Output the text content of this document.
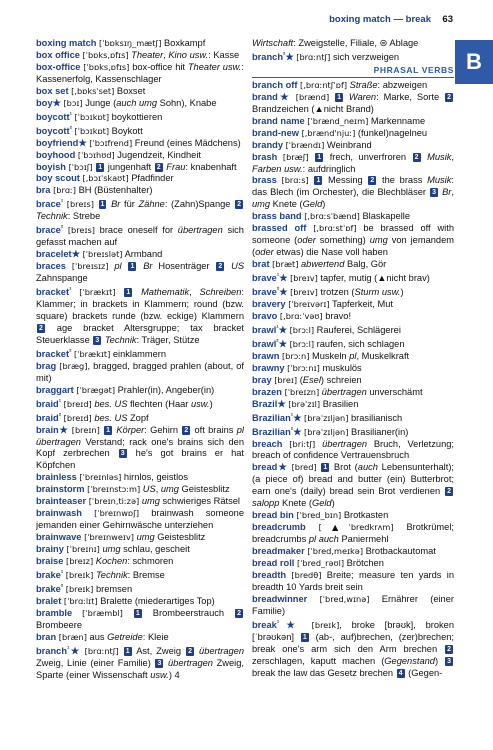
boxing match — break 63
B

boxing match [ˈbɒksɪŋ_mætʃ] Boxkampf

box office [ˈbɒks,ɒfɪs] Theater, Kino usw.: Kasse

box-office [ˈbɒks,ɒfɪs] box-office hit Theater usw.: Kassenerfolg, Kassenschlager

box set [,bɒksˈset] Boxset

boy★ [bɔɪ] Junge (auch umg Sohn), Knabe

boycott$^{^1}$ [ˈbɔɪkɒt] boykottieren

boycott$^{^2}$ [ˈbɔɪkɒt] Boykott

boyfriend★ [ˈbɔɪfrend] Freund (eines Mädchens)

boyhood [ˈbɔɪhʊd] Jugendzeit, Kindheit

boyish [ˈbɔɪʃ] 1 jungenhaft 2 Frau: knabenhaft

boy scout [,bɔɪˈskaʊt] Pfadfinder

bra [brɑː] BH (Büstenhalter)

brace$^{^1}$ [breɪs] 1 Br für Zähne: (Zahn)Spange 2 Technik: Strebe

brace$^{^2}$ [breɪs] brace oneself for übertragen sich gefasst machen auf

bracelet★ [ˈbreɪslət] Armband

braces [ˈbreɪsɪz] pl 1 Br Hosenträger 2 US Zahnspange

bracket$^{^1}$ [ˈbrækɪt] 1 Mathematik, Schreiben: Klammer; in brackets in Klammern; round (bzw. square) brackets runde (bzw. eckige) Klammern 2 age bracket Altersgruppe; tax bracket Steuerklasse 3 Technik: Träger, Stütze

bracket$^{^2}$ [ˈbrækɪt] einklammern

brag [bræg], bragged, bragged prahlen (about, of mit)

braggart [ˈbrægət] Prahler(in), Angeber(in)

braid$^{^1}$ [breɪd] bes. US flechten (Haar usw.)

braid$^{^2}$ [breɪd] bes. US Zopf

brain★ [breɪn] 1 Körper: Gehirn 2 oft brains pl übertragen Verstand; rack one's brains sich den Kopf zerbrechen 3 he's got brains er hat Köpfchen

brainless [ˈbreɪnləs] hirnlos, geistlos

brainstorm [ˈbreɪnstɔːm] US, umg Geistesblitz

brainteaser [ˈbreɪn,tiːzə] umg schwieriges Rätsel

brainwash [ˈbreɪnwɒʃ] brainwash someone jemanden einer Gehirnwäsche unterziehen

brainwave [ˈbreɪnweɪv] umg Geistesblitz

brainy [ˈbreɪnɪ] umg schlau, gescheit

braise [breɪz] Kochen: schmoren

brake$^{^1}$ [breɪk] Technik: Bremse

brake$^{^2}$ [breɪk] bremsen

bralet [ˈbrɑːlɪt] Bralette (miederartiges Top)

bramble [ˈbræmbl] 1 Brombeerstrauch 2 Brombeere

bran [bræn] aus Getreide: Kleie

branch$^{^1}$★ [brɑːntʃ] 1 Ast, Zweig 2 übertragen Zweig, Linie (einer Familie) 3 übertragen Zweig, Sparte (einer Wissenschaft usw.) 4

Wirtschaft: Zweigstelle, Filiale, ⊜ Ablage

branch$^{^2}$★ [brɑːntʃ] sich verzweigen

PHRASAL VERBS

branch off [,brɑːntʃˈɒf] Straße: abzweigen

brand★ [brænd] 1 Waren: Marke, Sorte 2 Brandzeichen (▲nicht Brand)

brand name [ˈbrænd_neɪm] Markenname

brand-new [,brænd'njuː] (funkel)nagelneu

brandy [ˈbrændɪ] Weinbrand

brash [bræʃ] 1 frech, unverfroren 2 Musik, Farben usw.: aufdringlich

brass [brɑːs] 1 Messing 2 the brass Musik: das Blech (im Orchester), die Blechbläser 3 Br, umg Knete (Geld)

brass band [,brɑːsˈbænd] Blaskapelle

brassed off [,brɑːstˈɒf] be brassed off with someone (oder something) umg von jemandem (oder etwas) die Nase voll haben

brat [bræt] abwertend Balg, Gör

brave$^{^1}$★ [breɪv] tapfer, mutig (▲nicht brav)

brave$^{^2}$★ [breɪv] trotzen (Sturm usw.)

bravery [ˈbreɪvərɪ] Tapferkeit, Mut

bravo [,brɑːˈvəʊ] bravo!

brawl$^{^1}$★ [brɔːl] Rauferei, Schlägerei

brawl$^{^2}$★ [brɔːl] raufen, sich schlagen

brawn [brɔːn] Muskeln pl, Muskelkraft

brawny [ˈbrɔːnɪ] muskulös

bray [breɪ] (Esel) schreien

brazen [ˈbreɪzn] übertragen unverschämt

Brazil★ [brəˈzɪl] Brasilien

Brazilian$^{^1}$★ [brəˈzɪljən] brasilianisch

Brazilian$^{^2}$★ [brəˈzɪljən] Brasilianer(in)

breach [briːtʃ] übertragen Bruch, Verletzung; breach of confidence Vertrauensbruch

bread★ [bred] 1 Brot (auch Lebensunterhalt); (a piece of) bread and butter (ein) Butterbrot; earn one's (daily) bread sein Brot verdienen 2 salopp Knete (Geld)

bread bin [ˈbred_bɪn] Brotkasten

breadcrumb [▲ˈbredkrʌm] Brotkrümel; breadcrumbs pl auch Paniermehl

breadmaker [ˈbred,meɪkə] Brotbackautomat

bread roll [ˈbred_rəʊl] Brötchen

breadth [bredθ] Breite; measure ten yards in breadth 10 Yards breit sein

breadwinner [ˈbred,wɪnə] Ernährer (einer Familie)

break$^{^1}$★ [breɪk], broke [brəʊk], broken [ˈbrəʊkən] 1 (ab-, auf)brechen, (zer)brechen; break one's arm sich den Arm brechen 2 zerschlagen, kaputt machen (Gegenstand) 3 break the law das Gesetz brechen 4 (Gegen-
